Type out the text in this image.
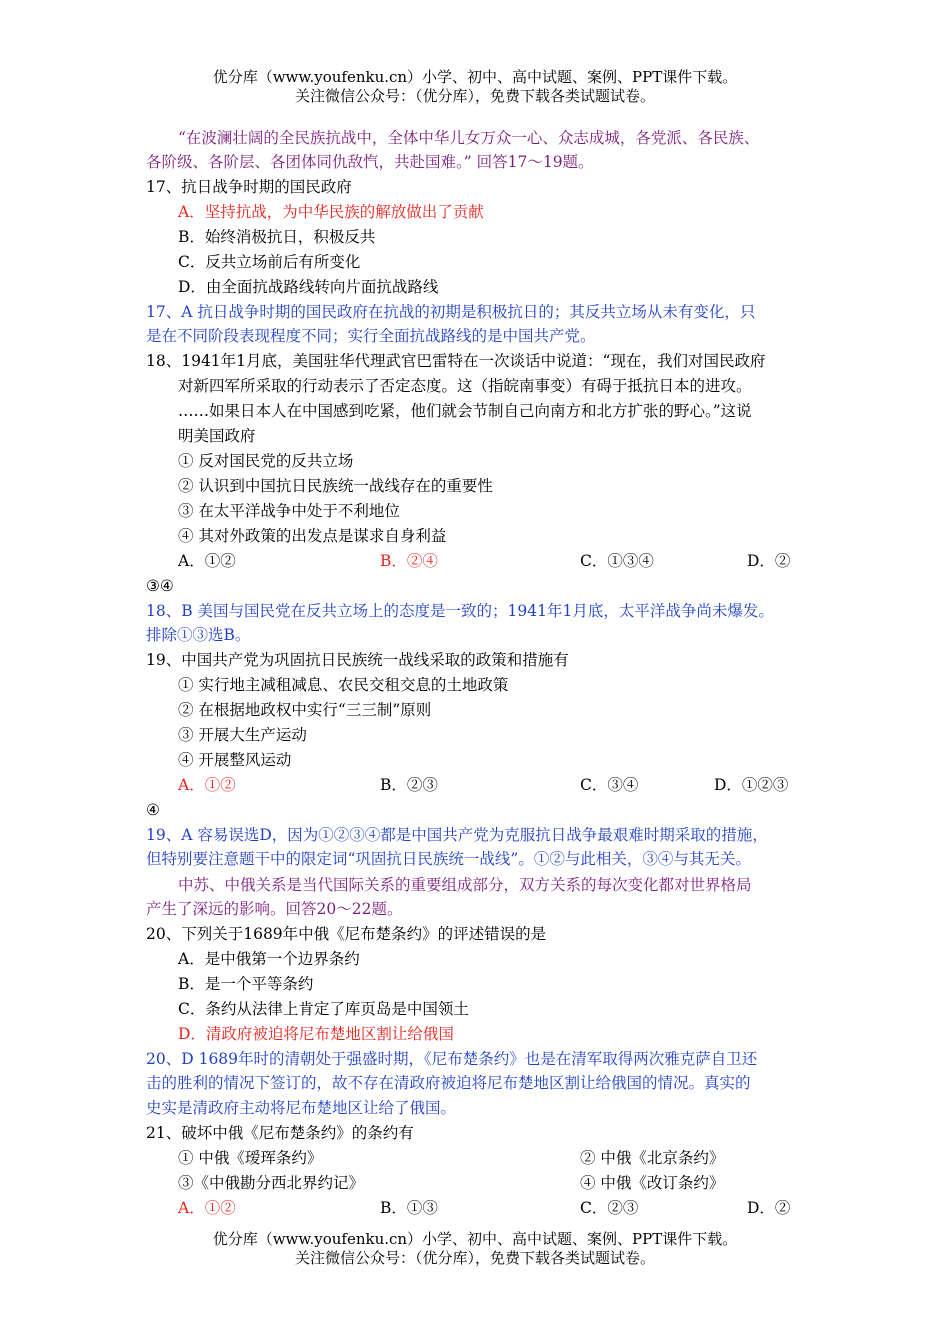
优分库（www.youfenku.cn）小学、初中、高中试题、案例、PPT课件下载。
关注微信公众号：（优分库），免费下载各类试题试卷。
“在波澜壮阔的全民族抗战中，全体中华儿女万众一心、众志成城，各党派、各民族、
各阶级、各阶层、各团体同仇敌忾，共赴国难。” 回答17～19题。
17、抗日战争时期的国民政府
A．坚持抗战，为中华民族的解放做出了贡献
B．始终消极抗日，积极反共
C．反共立场前后有所变化
D．由全面抗战路线转向片面抗战路线
17、A 抗日战争时期的国民政府在抗战的初期是积极抗日的；其反共立场从未有变化，只
是在不同阶段表现程度不同；实行全面抗战路线的是中国共产党。
18、1941年1月底，美国驻华代理武官巴雷特在一次谈话中说道：“现在，我们对国民政府
对新四军所采取的行动表示了否定态度。这（指皖南事变）有碍于抵抗日本的进攻。
……如果日本人在中国感到吃紧，他们就会节制自己向南方和北方扩张的野心。”这说
明美国政府
① 反对国民党的反共立场
② 认识到中国抗日民族统一战线存在的重要性
③ 在太平洋战争中处于不利地位
④ 其对外政策的出发点是谋求自身利益
A．①②	B．②④	C．①③④	D．②
③④
18、B 美国与国民党在反共立场上的态度是一致的；1941年1月底，太平洋战争尚未爆发。
排除①③选B。
19、中国共产党为巩固抗日民族统一战线采取的政策和措施有
① 实行地主减租减息、农民交租交息的土地政策
② 在根据地政权中实行“三三制”原则
③ 开展大生产运动
④ 开展整风运动
A．①②	B．②③	C．③④	D．①②③
④
19、A 容易误选D，因为①②③④都是中国共产党为克服抗日战争最艰难时期采取的措施，
但特别要注意题干中的限定词“巩固抗日民族统一战线”。①②与此相关，③④与其无关。
中苏、中俄关系是当代国际关系的重要组成部分，双方关系的每次变化都对世界格局
产生了深远的影响。回答20～22题。
20、下列关于1689年中俄《尼布楚条约》的评述错误的是
A．是中俄第一个边界条约
B．是一个平等条约
C．条约从法律上肯定了库页岛是中国领土
D．清政府被迫将尼布楚地区割让给俄国
20、D 1689年时的清朝处于强盛时期，《尼布楚条约》也是在清军取得两次雅克萨自卫还
击的胜利的情况下签订的，故不存在清政府被迫将尼布楚地区割让给俄国的情况。真实的
史实是清政府主动将尼布楚地区让给了俄国。
21、破坏中俄《尼布楚条约》的条约有
① 中俄《瑷珲条约》	② 中俄《北京条约》
③《中俄勘分西北界约记》	④ 中俄《改订条约》
A．①②	B．①③	C．②③	D．②
优分库（www.youfenku.cn）小学、初中、高中试题、案例、PPT课件下载。
关注微信公众号：（优分库），免费下载各类试题试卷。
